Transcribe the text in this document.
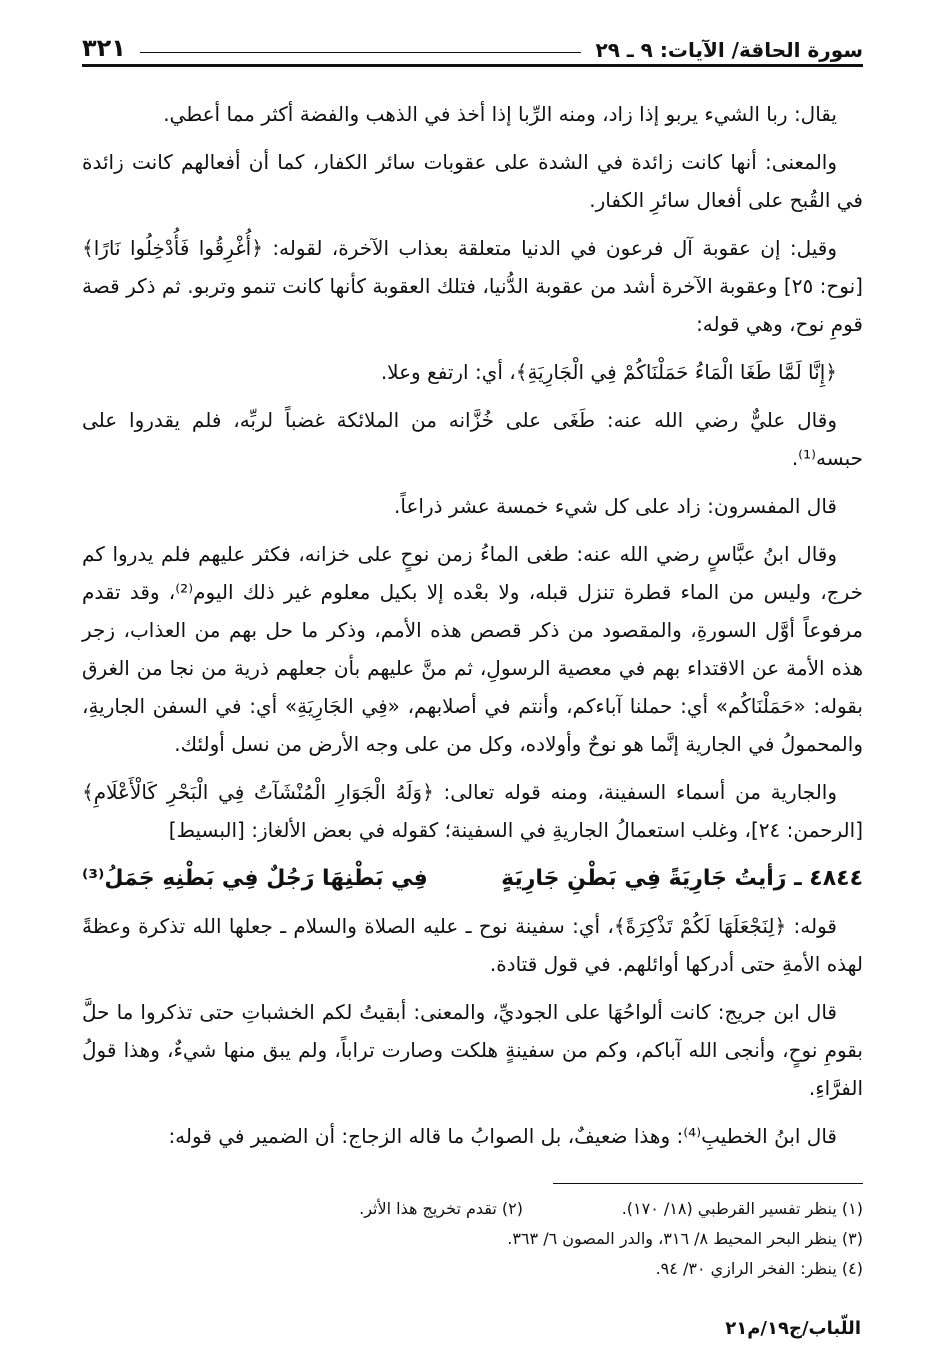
سورة الحاقة/ الآيات: ٩ ـ ٢٩
٣٢١

يقال: ربا الشيء يربو إذا زاد، ومنه الرِّبا إذا أخذ في الذهب والفضة أكثر مما أعطي.

والمعنى: أنها كانت زائدة في الشدة على عقوبات سائر الكفار، كما أن أفعالهم كانت زائدة في القُبح على أفعال سائرِ الكفار.

وقيل: إن عقوبة آل فرعون في الدنيا متعلقة بعذاب الآخرة، لقوله: ﴿أُغْرِقُوا فَأُدْخِلُوا نَارًا﴾ [نوح: ٢٥] وعقوبة الآخرة أشد من عقوبة الدُّنيا، فتلك العقوبة كأنها كانت تنمو وتربو. ثم ذكر قصة قومِ نوح، وهي قوله:

﴿إِنَّا لَمَّا طَغَا الْمَاءُ حَمَلْنَاكُمْ فِي الْجَارِيَةِ﴾، أي: ارتفع وعلا.

وقال عليٌّ رضي الله عنه: طَغَى على خُزَّانه من الملائكة غضباً لربِّه، فلم يقدروا على حبسه⁽¹⁾.

قال المفسرون: زاد على كل شيء خمسة عشر ذراعاً.

وقال ابنُ عبَّاسٍ رضي الله عنه: طغى الماءُ زمن نوحٍ على خزانه، فكثر عليهم فلم يدروا كم خرج، وليس من الماء قطرة تنزل قبله، ولا بعْده إلا بكيل معلوم غير ذلك اليوم⁽²⁾، وقد تقدم مرفوعاً أوَّل السورةِ، والمقصود من ذكر قصص هذه الأمم، وذكر ما حل بهم من العذاب، زجر هذه الأمة عن الاقتداء بهم في معصية الرسولِ، ثم منَّ عليهم بأن جعلهم ذرية من نجا من الغرق بقوله: «حَمَلْنَاكُم» أي: حملنا آباءكم، وأنتم في أصلابهم، «فِي الجَارِيَةِ» أي: في السفن الجاريةِ، والمحمولُ في الجارية إنَّما هو نوحٌ وأولاده، وكل من على وجه الأرض من نسل أولئك.

والجارية من أسماء السفينة، ومنه قوله تعالى: ﴿وَلَهُ الْجَوَارِ الْمُنْشَآتُ فِي الْبَحْرِ كَالْأَعْلَامِ﴾ [الرحمن: ٢٤]، وغلب استعمالُ الجاريةِ في السفينة؛ كقوله في بعض الألغاز: [البسيط]

٤٨٤٤ ـ رَأيتُ جَارِيَةً فِي بَطْنِ جَارِيَةٍ
فِي بَطْنِهَا رَجُلٌ فِي بَطْنِهِ جَمَلُ⁽³⁾

قوله: ﴿لِنَجْعَلَهَا لَكُمْ تَذْكِرَةً﴾، أي: سفينة نوح ـ عليه الصلاة والسلام ـ جعلها الله تذكرة وعظةً لهذه الأمةِ حتى أدركها أوائلهم. في قول قتادة.

قال ابن جريج: كانت ألواحُهَا على الجوديِّ، والمعنى: أبقيتُ لكم الخشباتِ حتى تذكروا ما حلَّ بقومِ نوحٍ، وأنجى الله آباكم، وكم من سفينةٍ هلكت وصارت تراباً، ولم يبق منها شيءٌ، وهذا قولُ الفرَّاءِ.

قال ابنُ الخطيبِ⁽⁴⁾: وهذا ضعيفٌ، بل الصوابُ ما قاله الزجاج: أن الضمير في قوله:

(١) ينظر تفسير القرطبي (١٨/ ١٧٠).
(٢) تقدم تخريج هذا الأثر.
(٣) ينظر البحر المحيط ٨/ ٣١٦، والدر المصون ٦/ ٣٦٣.
(٤) ينظر: الفخر الرازي ٣٠/ ٩٤.
اللّباب/ج١٩/م٢١
